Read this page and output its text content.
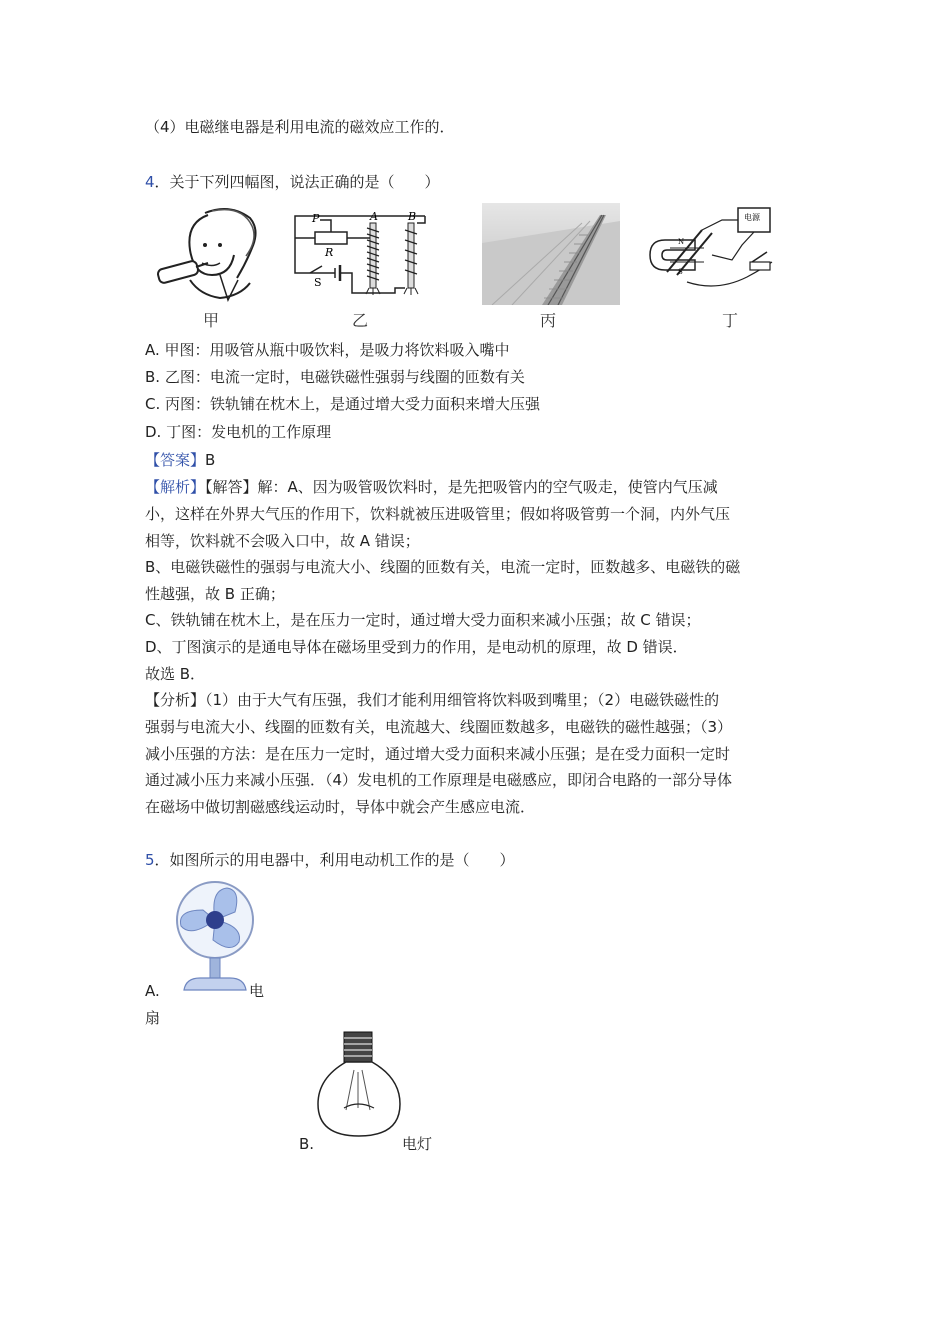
（4）电磁继电器是利用电流的磁效应工作的．
4．关于下列四幅图，说法正确的是（　　）
甲
P
R
A	B
S
乙	丙
电源
N
S
丁
A. 甲图：用吸管从瓶中吸饮料，是吸力将饮料吸入嘴中
B. 乙图：电流一定时，电磁铁磁性强弱与线圈的匝数有关
C. 丙图：铁轨铺在枕木上，是通过增大受力面积来增大压强
D. 丁图：发电机的工作原理
【答案】B
【解析】【解答】解：A、因为吸管吸饮料时，是先把吸管内的空气吸走，使管内气压减
小，这样在外界大气压的作用下，饮料就被压进吸管里；假如将吸管剪一个洞，内外气压
相等，饮料就不会吸入口中，故 A 错误；
B、电磁铁磁性的强弱与电流大小、线圈的匝数有关，电流一定时，匝数越多、电磁铁的磁
性越强，故 B 正确；
C、铁轨铺在枕木上，是在压力一定时，通过增大受力面积来减小压强；故 C 错误；
D、丁图演示的是通电导体在磁场里受到力的作用，是电动机的原理，故 D 错误．
故选 B．
【分析】（1）由于大气有压强，我们才能利用细管将饮料吸到嘴里；（2）电磁铁磁性的
强弱与电流大小、线圈的匝数有关，电流越大、线圈匝数越多，电磁铁的磁性越强；（3）
减小压强的方法：是在压力一定时，通过增大受力面积来减小压强；是在受力面积一定时
通过减小压力来减小压强．（4）发电机的工作原理是电磁感应，即闭合电路的一部分导体
在磁场中做切割磁感线运动时，导体中就会产生感应电流．
5．如图所示的用电器中，利用电动机工作的是（　　）
A.	电
扇
B.	电灯
